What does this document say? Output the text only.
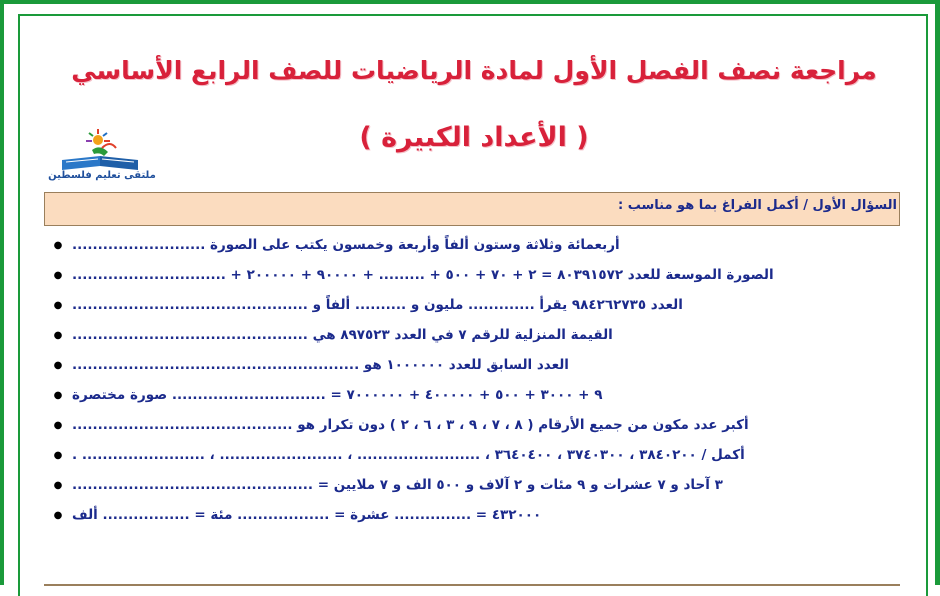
مراجعة نصف الفصل الأول لمادة الرياضيات للصف الرابع الأساسي
( الأعداد الكبيرة )
ملتقى تعليم فلسطين
السؤال الأول / أكمل الفراغ بما هو مناسب :
● أربعمائة وثلاثة وستون ألفاً وأربعة وخمسون يكتب على الصورة ..........................
● الصورة الموسعة للعدد ٨٠٣٩١٥٧٢ = ٢ + ٧٠ + ٥٠٠ + ......... + ٩٠٠٠٠ + ٢٠٠٠٠٠ + ..............................
● العدد ٩٨٤٢٦٢٧٣٥ يقرأ ............. مليون و .......... ألفاً و ..............................................
● القيمة المنزلية للرقم ٧ في العدد ٨٩٧٥٢٣ هي ..............................................
● العدد السابق للعدد ١٠٠٠٠٠٠ هو ........................................................
● ٩ + ٣٠٠٠ + ٥٠٠ + ٤٠٠٠٠٠ + ٧٠٠٠٠٠٠ = .............................. صورة مختصرة
● أكبر عدد مكون من جميع الأرقام ( ٨ ، ٧ ، ٩ ، ٣ ، ٦ ، ٢ ) دون تكرار هو ...........................................
● أكمل / ٣٨٤٠٢٠٠ ، ٣٧٤٠٣٠٠ ، ٣٦٤٠٤٠٠ ، ........................ ، ........................ ، ........................ .
● ٣ آحاد و ٧ عشرات و ٩ مئات و ٢ آلاف و ٥٠٠ الف و ٧ ملايين = ...............................................
● ٤٣٢٠٠٠ = ............... عشرة = .................. مئة = ................. ألف
